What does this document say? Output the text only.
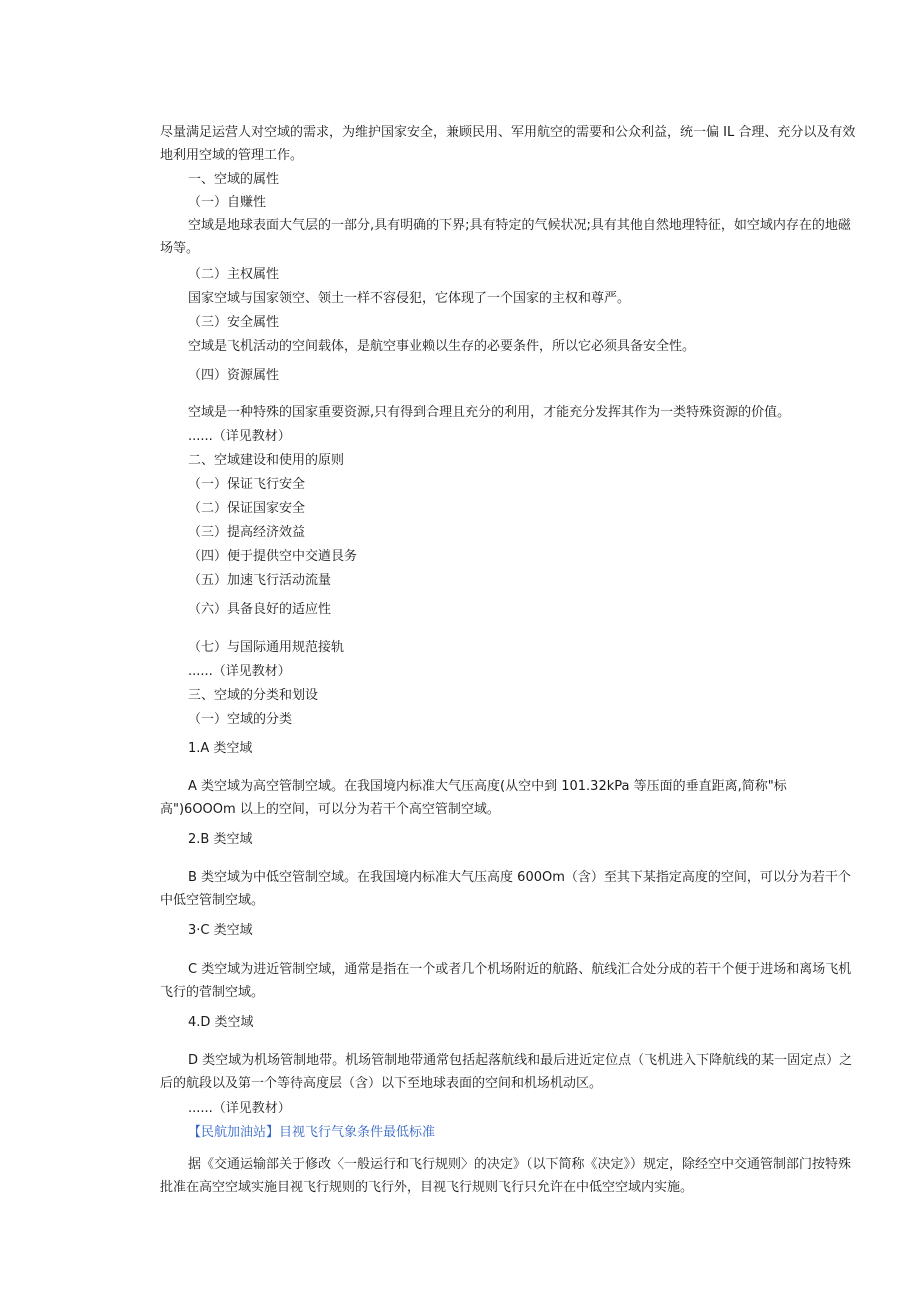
尽量满足运营人对空域的需求，为维护国家安全，兼顾民用、军用航空的需要和公众利益，统一偏 IL 合理、充分以及有效地利用空域的管理工作。
一、空域的属性
（一）自赚性
空域是地球表面大气层的一部分,具有明确的下界;具有特定的气候状况;具有其他自然地理特征，如空域内存在的地磁场等。
（二）主权属性
国家空域与国家领空、领土一样不容侵犯，它体现了一个国家的主权和尊严。
（三）安全属性
空域是飞机活动的空间载体，是航空事业赖以生存的必要条件，所以它必须具备安全性。
（四）资源属性
空域是一种特殊的国家重要资源,只有得到合理且充分的利用，才能充分发挥其作为一类特殊资源的价值。
......（详见教材）
二、空域建设和使用的原则
（一）保证飞行安全
（二）保证国家安全
（三）提高经济效益
（四）便于提供空中交遒艮务
（五）加速飞行活动流量
（六）具备良好的适应性
（七）与国际通用规范接轨
......（详见教材）
三、空域的分类和划设
（一）空域的分类
1.A 类空域
A 类空域为高空管制空域。在我国境内标准大气压高度(从空中到 101.32kPa 等压面的垂直距离,简称"标高")6OOOm 以上的空间，可以分为若干个高空管制空域。
2.B 类空域
B 类空域为中低空管制空域。在我国境内标准大气压高度 600Om（含）至其下某指定高度的空间，可以分为若干个中低空管制空域。
3·C 类空域
C 类空域为进近管制空域，通常是指在一个或者几个机场附近的航路、航线汇合处分成的若干个便于进场和离场飞机飞行的菅制空域。
4.D 类空域
D 类空域为机场管制地带。机场管制地带通常包括起落航线和最后进近定位点（飞机进入下降航线的某一固定点）之后的航段以及第一个等待高度层（含）以下至地球表面的空间和机场机动区。
......（详见教材）
【民航加油站】目视飞行气象条件最低标准
据《交通运输部关于修改〈一般运行和飞行规则〉的决定》（以下简称《决定》）规定，除经空中交通管制部门按特殊批准在高空空域实施目视飞行规则的飞行外，目视飞行规则飞行只允许在中低空空域内实施。
